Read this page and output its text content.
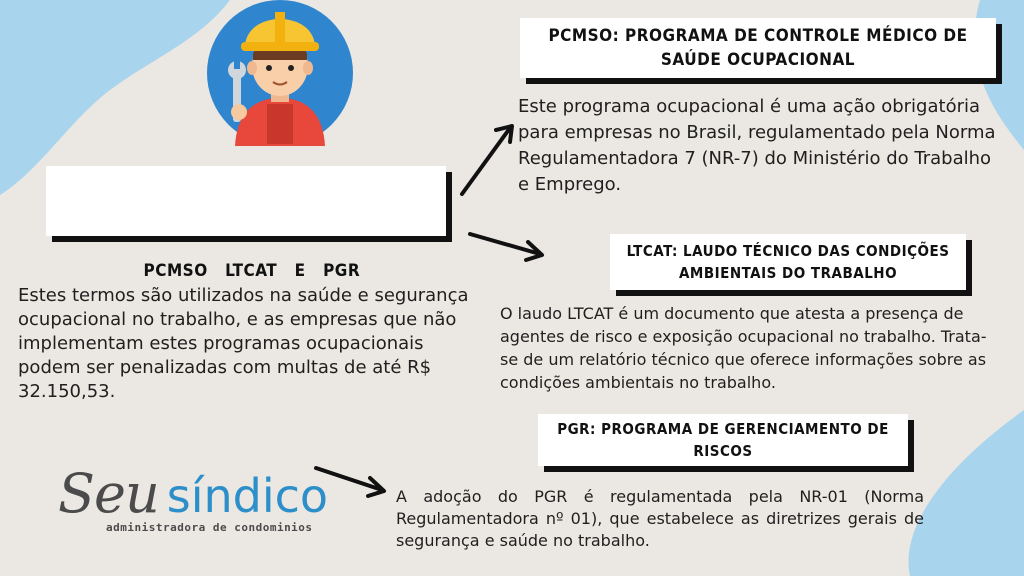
PCMSO   LTCAT   E   PGR

Estes termos são utilizados na saúde e segurança ocupacional no trabalho, e as empresas que não implementam estes programas ocupacionais podem ser penalizadas com multas de até R$ 32.150,53.

PCMSO: PROGRAMA DE CONTROLE MÉDICO DE SAÚDE OCUPACIONAL

Este programa ocupacional é uma ação obrigatória para empresas no Brasil, regulamentado pela Norma Regulamentadora 7 (NR-7) do Ministério do Trabalho e Emprego.

LTCAT: LAUDO TÉCNICO DAS CONDIÇÕES AMBIENTAIS DO TRABALHO

O laudo LTCAT é um documento que atesta a presença de agentes de risco e exposição ocupacional no trabalho. Trata-se de um relatório técnico que oferece informações sobre as condições ambientais no trabalho.

PGR: PROGRAMA DE GERENCIAMENTO DE RISCOS

A adoção do PGR é regulamentada pela NR-01 (Norma Regulamentadora nº 01), que estabelece as diretrizes gerais de segurança e saúde no trabalho.

Seu síndico
administradora de condominios
